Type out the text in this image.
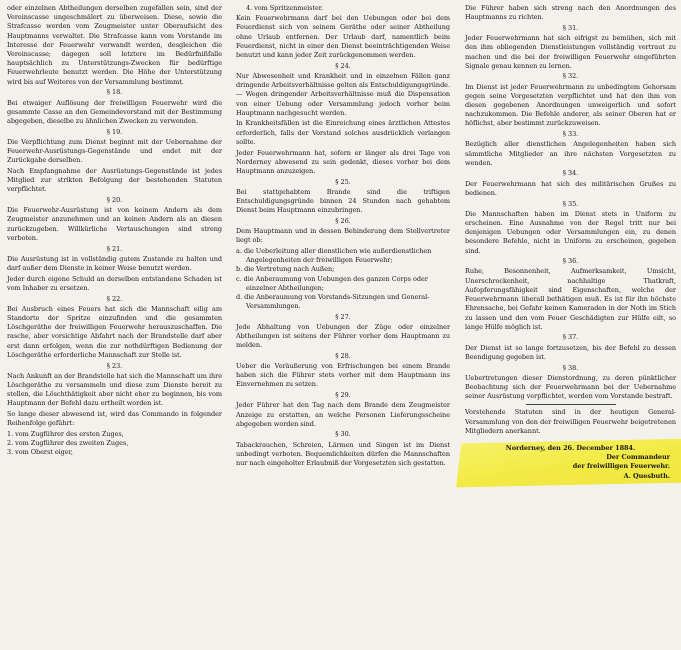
oder einzelnen Abtheilungen derselben zugefallen sein, sind der Vereinscasse ungeschmälert zu überweisen. Diese, sowie die Strafcasse werden vom Zeugmeister unter Oberaufsicht des Hauptmanns verwaltet. Die Strafcasse kann vom Vorstande im Interesse der Feuerwehr verwandt werden, desgleichen die Vereinscasse; dagegen soll letztere im Bedürfnißfalle hauptsächlich zu Unterstützungs-Zwecken für bedürftige Feuerwehrleute benutzt werden. Die Höhe der Unterstützung wird bis auf Weiteres von der Versammlung bestimmt.

§ 18.

Bei etwaiger Auflösung der freiwilligen Feuerwehr wird die gesammte Casse an den Gemeindevorstand mit der Bestimmung abgegeben, dieselbe zu ähnlichen Zwecken zu verwenden.

§ 19.

Die Verpflichtung zum Dienst beginnt mit der Uebernahme der Feuerwehr-Ausrüstungs-Gegenstände und endet mit der Zurückgabe derselben.

Nach Empfangnahme der Ausrüstungs-Gegenstände ist jedes Mitglied zur strikten Befolgung der bestehenden Statuten verpflichtet.

§ 20.

Die Feuerwehr-Ausrüstung ist von keinem Andern als dem Zeugmeister anzunehmen und an keinen Andern als an diesen zurückzugeben. Willkürliche Vertauschungen sind streng verboten.

§ 21.

Die Ausrüstung ist in vollständig gutem Zustande zu halten und darf außer dem Dienste in keiner Weise benutzt werden.

Jeder durch eigene Schuld an derselben entstandene Schaden ist vom Inhaber zu ersetzen.

§ 22.

Bei Ausbruch eines Feuers hat sich die Mannschaft eilig am Standorte der Spritze einzufinden und die gesammten Löschgeräthe der freiwilligen Feuerwehr herauszuschaffen. Die rasche, aber vorsichtige Abfahrt nach der Brandstelle darf aber erst dann erfolgen, wenn die zur nothdürftigen Bedienung der Löschgeräthe erforderliche Mannschaft zur Stelle ist.

§ 23.

Nach Ankunft an der Brandstelle hat sich die Mannschaft um ihre Löschgeräthe zu versammeln und diese zum Dienste bereit zu stellen, die Löschthätigkeit aber nicht eher zu beginnen, bis vom Hauptmann der Befehl dazu ertheilt worden ist.

So lange dieser abwesend ist, wird das Commando in folgender Reihenfolge geführt:

1. vom Zugführer des ersten Zuges,
2. vom Zugführer des zweiten Zuges,
3. vom Oberst eiger,
4. vom Spritzenmeister.

Kein Feuerwehrmann darf bei den Uebungen oder bei dem Feuerdienst sich von seinem Geräthe oder seiner Abtheilung ohne Urlaub entfernen. Der Urlaub darf, namentlich beim Feuerdienst, nicht in einer den Dienst beeinträchtigenden Weise benutzt und kann jeder Zeit zurückgenommen werden.

§ 24.

Nur Abwesenheit und Krankheit und in einzelnen Fällen ganz dringende Arbeitsverhältnisse gelten als Entschuldigungsgründe. — Wegen dringender Arbeitsverhältnisse muß die Dispensation von einer Uebung oder Versammlung jedoch vorher beim Hauptmann nachgesucht werden.

In Krankheitsfällen ist die Einreichung eines ärztlichen Attestes erforderlich, falls der Vorstand solches ausdrücklich verlangen sollte.

Jeder Feuerwehrmann hat, sofern er länger als drei Tage von Norderney abwesend zu sein gedenkt, dieses vorher bei dem Hauptmann anzuzeigen.

§ 25.

Bei stattgehabtem Brande sind die triftigen Entschuldigungsgründe binnen 24 Stunden nach gehabtem Dienst beim Hauptmann einzubringen.

§ 26.

Dem Hauptmann und in dessen Behinderung dem Stellvertreter liegt ob:

a. die Ueberleitung aller dienstlichen wie außerdienstlichen Angelegenheiten der freiwilligen Feuerwehr;
b. die Vertretung nach Außen;
c. die Anberaumung von Uebungen des ganzen Corps oder einzelner Abtheilungen;
d. die Anberaumung von Vorstands-Sitzungen und General-Versammlungen.
§ 27.

Jede Abhaltung von Uebungen der Züge oder einzelner Abtheilungen ist seitens der Führer vorher dem Hauptmann zu melden.

§ 28.

Ueber die Veräußerung von Erfrischungen bei einem Brande haben sich die Führer stets vorher mit dem Hauptmann ins Einvernehmen zu setzen.

§ 29.

Jeder Führer hat den Tag nach dem Brande dem Zeugmeister Anzeige zu erstatten, an welche Personen Lieferungsscheine abgegeben worden sind.

§ 30.

Tabackrauchen, Schreien, Lärmen und Singen ist im Dienst unbedingt verboten. Bequemlichkeiten dürfen die Mannschaften nur nach eingeholter Erlaubniß der Vorgesetzten sich gestatten.

Die Führer haben sich streng nach den Anordnungen des Hauptmanns zu richten.

§ 31.

Jeder Feuerwehrmann hat sich eifrigst zu bemühen, sich mit den ihm obliegenden Dienstleistungen vollständig vertraut zu machen und die bei der freiwilligen Feuerwehr eingeführten Signale genau kennen zu lernen.

§ 32.

Im Dienst ist jeder Feuerwehrmann zu unbedingtem Gehorsam gegen seine Vorgesetzten verpflichtet und hat den ihm von diesen gegebenen Anordnungen unweigerlich und sofort nachzukommen. Die Befehle anderer, als seiner Oberen hat er höflichst, aber bestimmt zurückzuweisen.

§ 33.

Bezüglich aller dienstlichen Angelegenheiten haben sich sämmtliche Mitglieder an ihre nächsten Vorgesetzten zu wenden.

§ 34.

Der Feuerwehrmann hat sich des militärischen Grußes zu bedienen.

§ 35.

Die Mannschaften haben im Dienst stets in Uniform zu erscheinen. Eine Ausnahme von der Regel tritt nur bei denjenigen Uebungen oder Versammlungen ein, zu denen besondere Befehle, nicht in Uniform zu erscheinen, gegeben sind.

§ 36.

Ruhe, Besonnenheit, Aufmerksamkeit, Umsicht, Unerschrockenheit, nachhaltige Thatkraft, Aufopferungsfähigkeit sind Eigenschaften, welche der Feuerwehrmann überall bethätigen muß. Es ist für ihn höchste Ehrensache, bei Gefahr keinen Kameraden in der Noth im Stich zu lassen und den vom Feuer Geschädigten zur Hülfe eilt, so lange Hülfe möglich ist.

§ 37.

Der Dienst ist so lange fortzusetzen, bis der Befehl zu dessen Beendigung gegeben ist.

§ 38.

Uebertretungen dieser Dienstordnung, zu deren pünktlicher Beobachtung sich der Feuerwehrmann bei der Uebernahme seiner Ausrüstung verpflichtet, werden vom Vorstande bestraft.

Vorstehende Statuten sind in der heutigen General-Versammlung von den der freiwilligen Feuerwehr beigetretenen Mitgliedern anerkannt.

Norderney, den 26. December 1884.
Der Commandeur
der freiwilligen Feuerwehr.
A. Quesbuth.
